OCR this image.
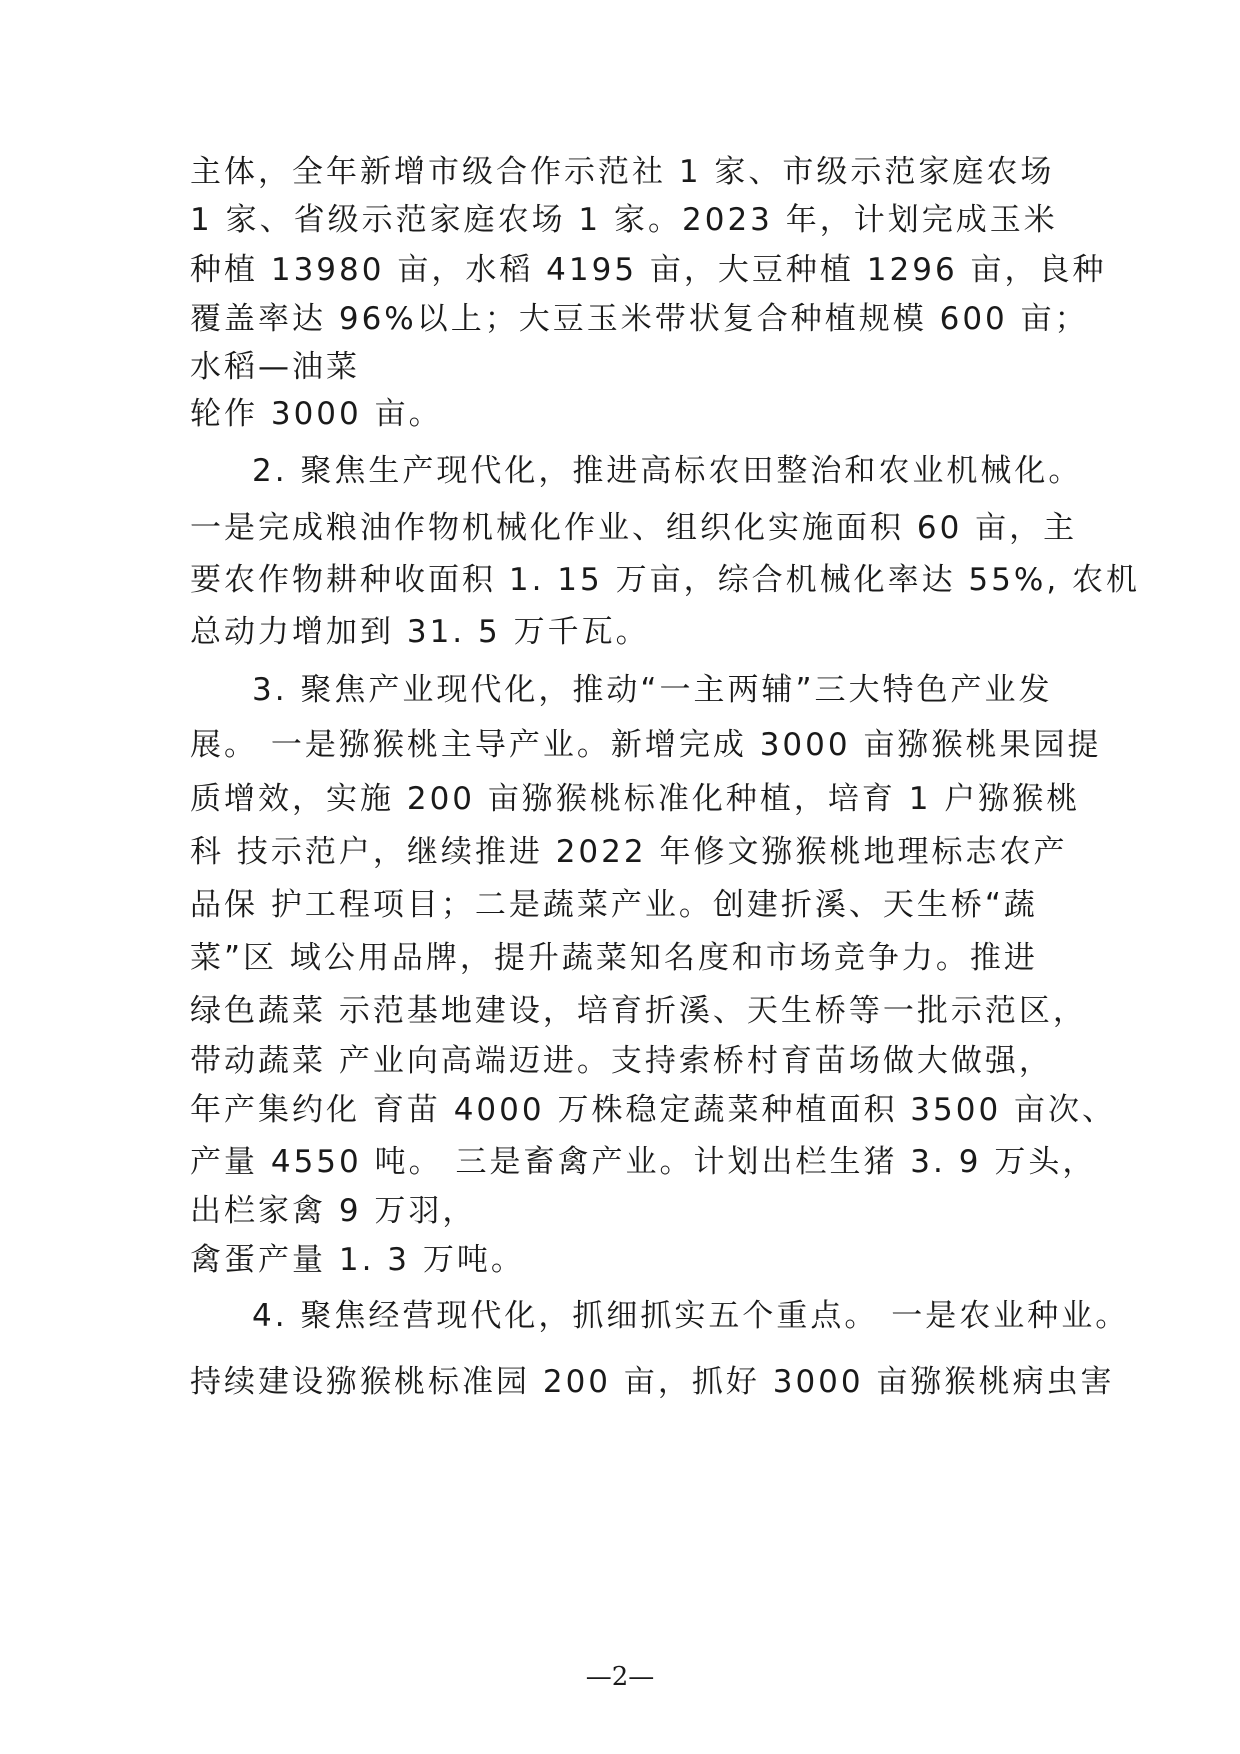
主体，全年新增市级合作示范社 1 家、市级示范家庭农场
1 家、省级示范家庭农场 1 家。2023 年，计划完成玉米
种植 13980 亩，水稻 4195 亩，大豆种植 1296 亩，良种
覆盖率达 96%以上；大豆玉米带状复合种植规模 600 亩；
水稻—油菜
轮作 3000 亩。
2. 聚焦生产现代化，推进高标农田整治和农业机械化。
一是完成粮油作物机械化作业、组织化实施面积 60 亩，主
要农作物耕种收面积 1. 15 万亩，综合机械化率达 55%, 农机
总动力增加到 31. 5 万千瓦。
3. 聚焦产业现代化，推动“一主两辅”三大特色产业发
展。 一是猕猴桃主导产业。新增完成 3000 亩猕猴桃果园提
质增效，实施 200 亩猕猴桃标准化种植，培育 1 户猕猴桃
科 技示范户，继续推进 2022 年修文猕猴桃地理标志农产
品保 护工程项目；二是蔬菜产业。创建折溪、天生桥“蔬
菜”区 域公用品牌，提升蔬菜知名度和市场竞争力。推进
绿色蔬菜 示范基地建设，培育折溪、天生桥等一批示范区，
带动蔬菜 产业向高端迈进。支持索桥村育苗场做大做强，
年产集约化 育苗 4000 万株稳定蔬菜种植面积 3500 亩次、
产量 4550 吨。 三是畜禽产业。计划出栏生猪 3. 9 万头，
出栏家禽 9 万羽，
禽蛋产量 1. 3 万吨。
4. 聚焦经营现代化，抓细抓实五个重点。 一是农业种业。
持续建设猕猴桃标准园 200 亩，抓好 3000 亩猕猴桃病虫害
—2—
